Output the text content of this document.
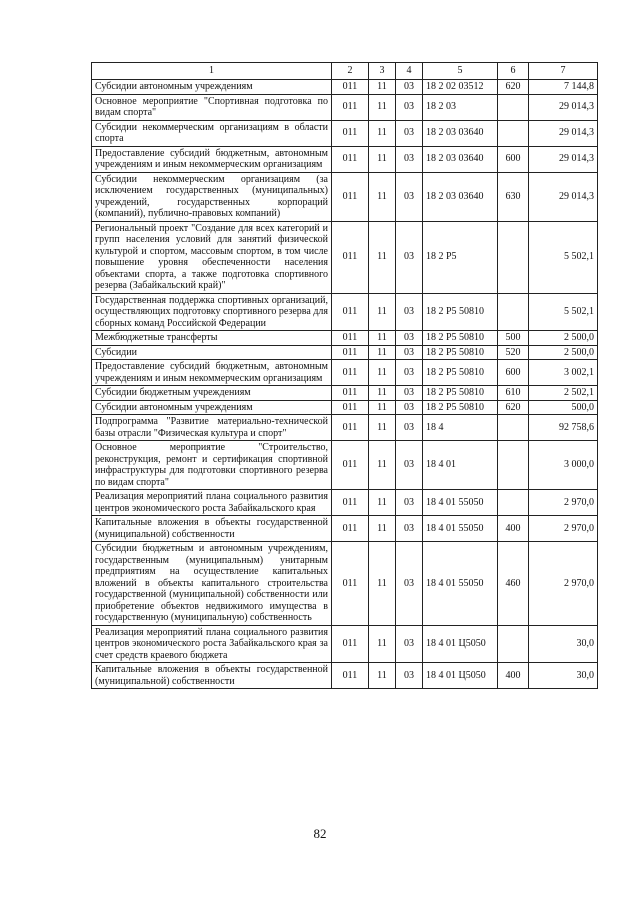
1	2	3	4	5	6	7
Субсидии автономным учреждениям	011	11	03	18 2 02 03512	620	7 144,8
Основное мероприятие "Спортивная подготовка по видам спорта"	011	11	03	18 2 03		29 014,3
Субсидии некоммерческим организациям в области спорта	011	11	03	18 2 03 03640		29 014,3
Предоставление субсидий бюджетным, автономным учреждениям и иным некоммерческим организациям	011	11	03	18 2 03 03640	600	29 014,3
Субсидии некоммерческим организациям (за исключением государственных (муниципальных) учреждений, государственных корпораций (компаний), публично-правовых компаний)	011	11	03	18 2 03 03640	630	29 014,3
Региональный проект "Создание для всех категорий и групп населения условий для занятий физической культурой и спортом, массовым спортом, в том числе повышение уровня обеспеченности населения объектами спорта, а также подготовка спортивного резерва (Забайкальский край)"	011	11	03	18 2 P5		5 502,1
Государственная поддержка спортивных организаций, осуществляющих подготовку спортивного резерва для сборных команд Российской Федерации	011	11	03	18 2 P5 50810		5 502,1
Межбюджетные трансферты	011	11	03	18 2 P5 50810	500	2 500,0
Субсидии	011	11	03	18 2 P5 50810	520	2 500,0
Предоставление субсидий бюджетным, автономным учреждениям и иным некоммерческим организациям	011	11	03	18 2 P5 50810	600	3 002,1
Субсидии бюджетным учреждениям	011	11	03	18 2 P5 50810	610	2 502,1
Субсидии автономным учреждениям	011	11	03	18 2 P5 50810	620	500,0
Подпрограмма "Развитие материально-технической базы отрасли "Физическая культура и спорт"	011	11	03	18 4		92 758,6
Основное мероприятие "Строительство, реконструкция, ремонт и сертификация спортивной инфраструктуры для подготовки спортивного резерва по видам спорта"	011	11	03	18 4 01		3 000,0
Реализация мероприятий плана социального развития центров экономического роста Забайкальского края	011	11	03	18 4 01 55050		2 970,0
Капитальные вложения в объекты государственной (муниципальной) собственности	011	11	03	18 4 01 55050	400	2 970,0
Субсидии бюджетным и автономным учреждениям, государственным (муниципальным) унитарным предприятиям на осуществление капитальных вложений в объекты капитального строительства государственной (муниципальной) собственности или приобретение объектов недвижимого имущества в государственную (муниципальную) собственность	011	11	03	18 4 01 55050	460	2 970,0
Реализация мероприятий плана социального развития центров экономического роста Забайкальского края за счет средств краевого бюджета	011	11	03	18 4 01 Ц5050		30,0
Капитальные вложения в объекты государственной (муниципальной) собственности	011	11	03	18 4 01 Ц5050	400	30,0
82
